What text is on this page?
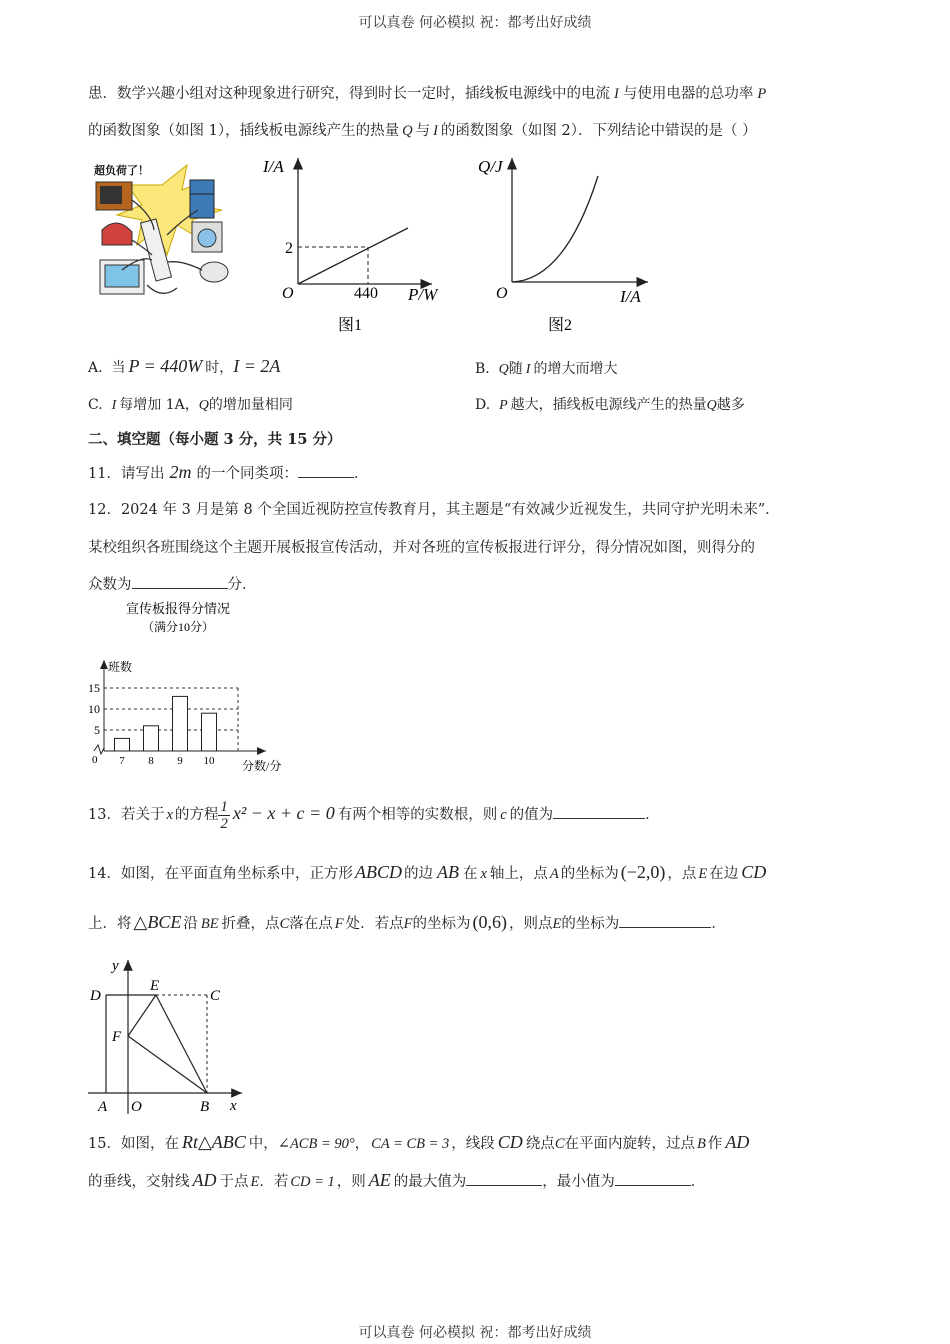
可以真卷 何必模拟 祝：都考出好成绩
可以真卷 何必模拟 祝：都考出好成绩
患．数学兴趣小组对这种现象进行研究，得到时长一定时，插线板电源线中的电流 I 与使用电器的总功率 P
的函数图象（如图 1），插线板电源线产生的热量 Q 与 I 的函数图象（如图 2）．下列结论中错误的是（ ）
超负荷了！	I/A
P/W
O
2
440
图1
Q/J
I/A
O
图2
A. 当 P = 440W 时，I = 2A	B. Q随 I 的增大而增大
C. I 每增加 1A，Q的增加量相同	D. P 越大，插线板电源线产生的热量Q越多
二、填空题（每小题 3 分，共 15 分）
11．请写出 2m 的一个同类项：	．
12．2024 年 3 月是第 8 个全国近视防控宣传教育月，其主题是“有效减少近视发生，共同守护光明未来”．
某校组织各班围绕这个主题开展板报宣传活动，并对各班的宣传板报进行评分，得分情况如图，则得分的
众数为	分．
宣传板报得分情况
（满分10分）
班数
分数/分
0
5
10
15
7 8 9 10
13．若关于 x 的方程 $\frac{1}{2} x^2 - x + c = 0$ 有两个相等的实数根，则 c 的值为	．
14．如图，在平面直角坐标系中，正方形 ABCD 的边 AB 在 x 轴上，点 A 的坐标为 (−2,0) ，点 E 在边 CD
上．将 △BCE 沿 BE 折叠，点C落在点 F 处．若点F的坐标为 (0,6) ，则点E的坐标为	．
y
x
D
E
C
F
A O	B
15．如图，在 Rt△ABC 中，∠ACB = 90°， CA = CB = 3 ，线段 CD 绕点C在平面内旋转，过点 B 作 AD
的垂线，交射线 AD 于点 E．若 CD = 1 ，则 AE 的最大值为	，最小值为	．
